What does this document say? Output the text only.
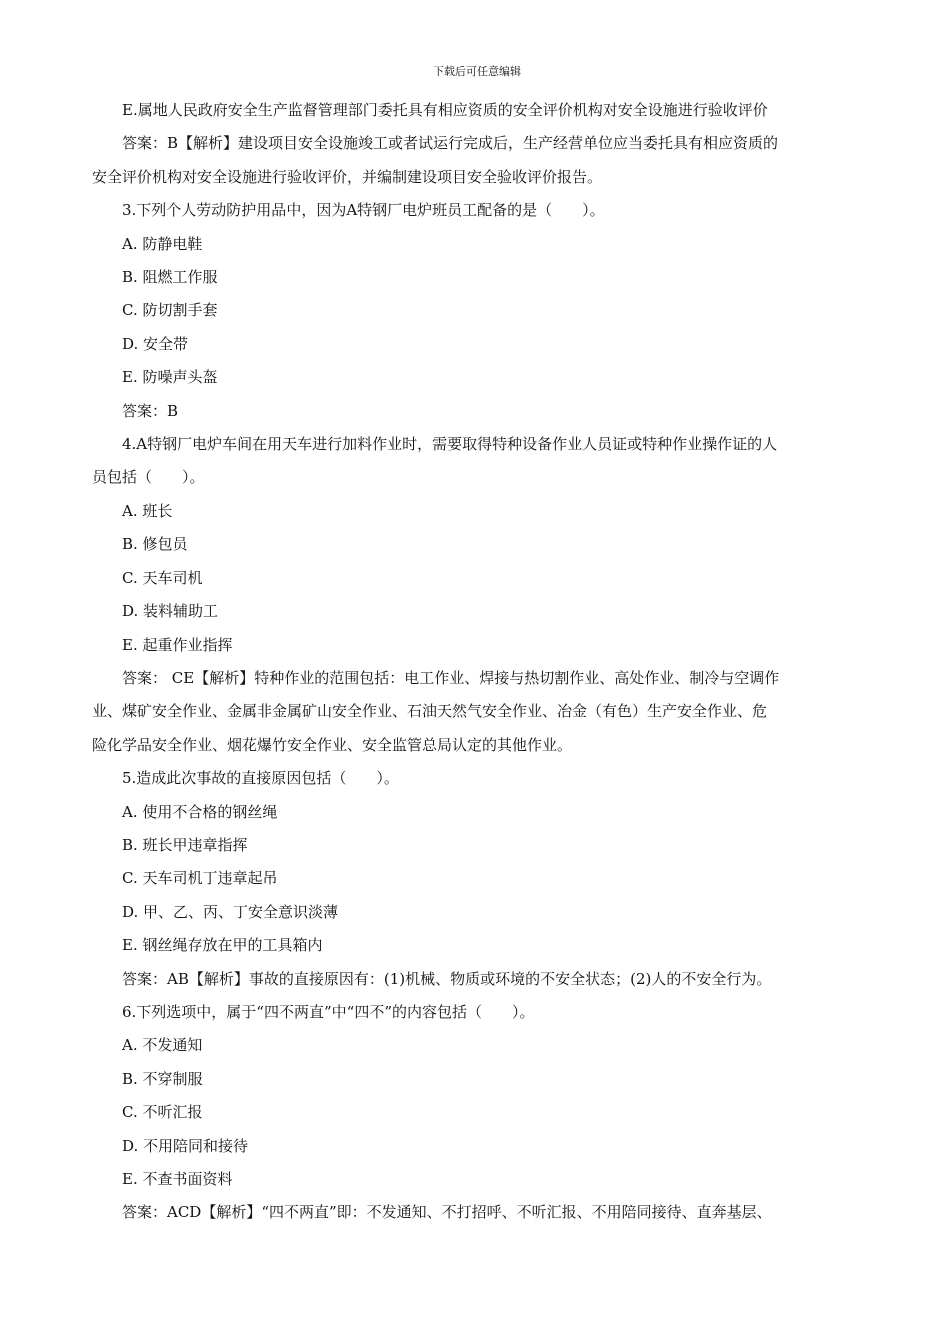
下载后可任意编辑

E.属地人民政府安全生产监督管理部门委托具有相应资质的安全评价机构对安全设施进行验收评价

答案：B【解析】建设项目安全设施竣工或者试运行完成后，生产经营单位应当委托具有相应资质的

安全评价机构对安全设施进行验收评价，并编制建设项目安全验收评价报告。

3.下列个人劳动防护用品中，因为A特钢厂电炉班员工配备的是（　　）。

A. 防静电鞋

B. 阻燃工作服

C. 防切割手套

D. 安全带

E. 防噪声头盔

答案：B

4.A特钢厂电炉车间在用天车进行加料作业时，需要取得特种设备作业人员证或特种作业操作证的人

员包括（　　）。

A. 班长

B. 修包员

C. 天车司机

D. 装料辅助工

E. 起重作业指挥

答案： CE【解析】特种作业的范围包括：电工作业、焊接与热切割作业、高处作业、制冷与空调作

业、煤矿安全作业、金属非金属矿山安全作业、石油天然气安全作业、冶金（有色）生产安全作业、危

险化学品安全作业、烟花爆竹安全作业、安全监管总局认定的其他作业。

5.造成此次事故的直接原因包括（　　）。

A. 使用不合格的钢丝绳

B. 班长甲违章指挥

C. 天车司机丁违章起吊

D. 甲、乙、丙、丁安全意识淡薄

E. 钢丝绳存放在甲的工具箱内

答案：AB【解析】事故的直接原因有：(1)机械、物质或环境的不安全状态；(2)人的不安全行为。

6.下列选项中，属于“四不两直”中“四不”的内容包括（　　）。

A. 不发通知

B. 不穿制服

C. 不听汇报

D. 不用陪同和接待

E. 不查书面资料

答案：ACD【解析】“四不两直”即：不发通知、不打招呼、不听汇报、不用陪同接待、直奔基层、
